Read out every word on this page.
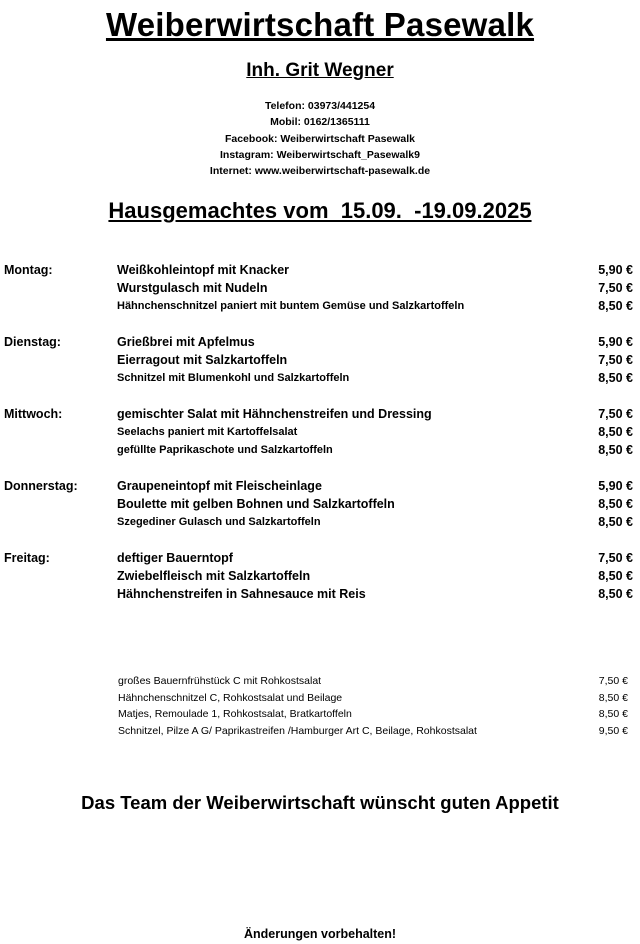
Weiberwirtschaft Pasewalk
Inh. Grit Wegner
Telefon: 03973/441254
Mobil: 0162/1365111
Facebook: Weiberwirtschaft Pasewalk
Instagram: Weiberwirtschaft_Pasewalk9
Internet: www.weiberwirtschaft-pasewalk.de
Hausgemachtes vom  15.09.  -19.09.2025
Montag:	Weißkohleintopf mit Knacker	5,90 €
Wurstgulasch mit Nudeln	7,50 €
Hähnchenschnitzel paniert mit buntem Gemüse und Salzkartoffeln	8,50 €
Dienstag:	Grießbrei mit Apfelmus	5,90 €
Eierragout mit Salzkartoffeln	7,50 €
Schnitzel mit Blumenkohl und Salzkartoffeln	8,50 €
Mittwoch:	gemischter Salat mit Hähnchenstreifen und Dressing	7,50 €
Seelachs paniert mit Kartoffelsalat	8,50 €
gefüllte Paprikaschote und Salzkartoffeln	8,50 €
Donnerstag:	Graupeneintopf mit Fleischeinlage	5,90 €
Boulette mit gelben Bohnen und Salzkartoffeln	8,50 €
Szegediner Gulasch und Salzkartoffeln	8,50 €
Freitag:	deftiger Bauerntopf	7,50 €
Zwiebelfleisch mit Salzkartoffeln	8,50 €
Hähnchenstreifen in Sahnesauce mit Reis	8,50 €
großes Bauernfrühstück C mit Rohkostsalat	7,50 €
Hähnchenschnitzel C, Rohkostsalat und Beilage	8,50 €
Matjes, Remoulade 1, Rohkostsalat, Bratkartoffeln	8,50 €
Schnitzel, Pilze A G/ Paprikastreifen /Hamburger Art C, Beilage, Rohkostsalat	9,50 €
Das Team der Weiberwirtschaft wünscht guten Appetit
Änderungen vorbehalten!
